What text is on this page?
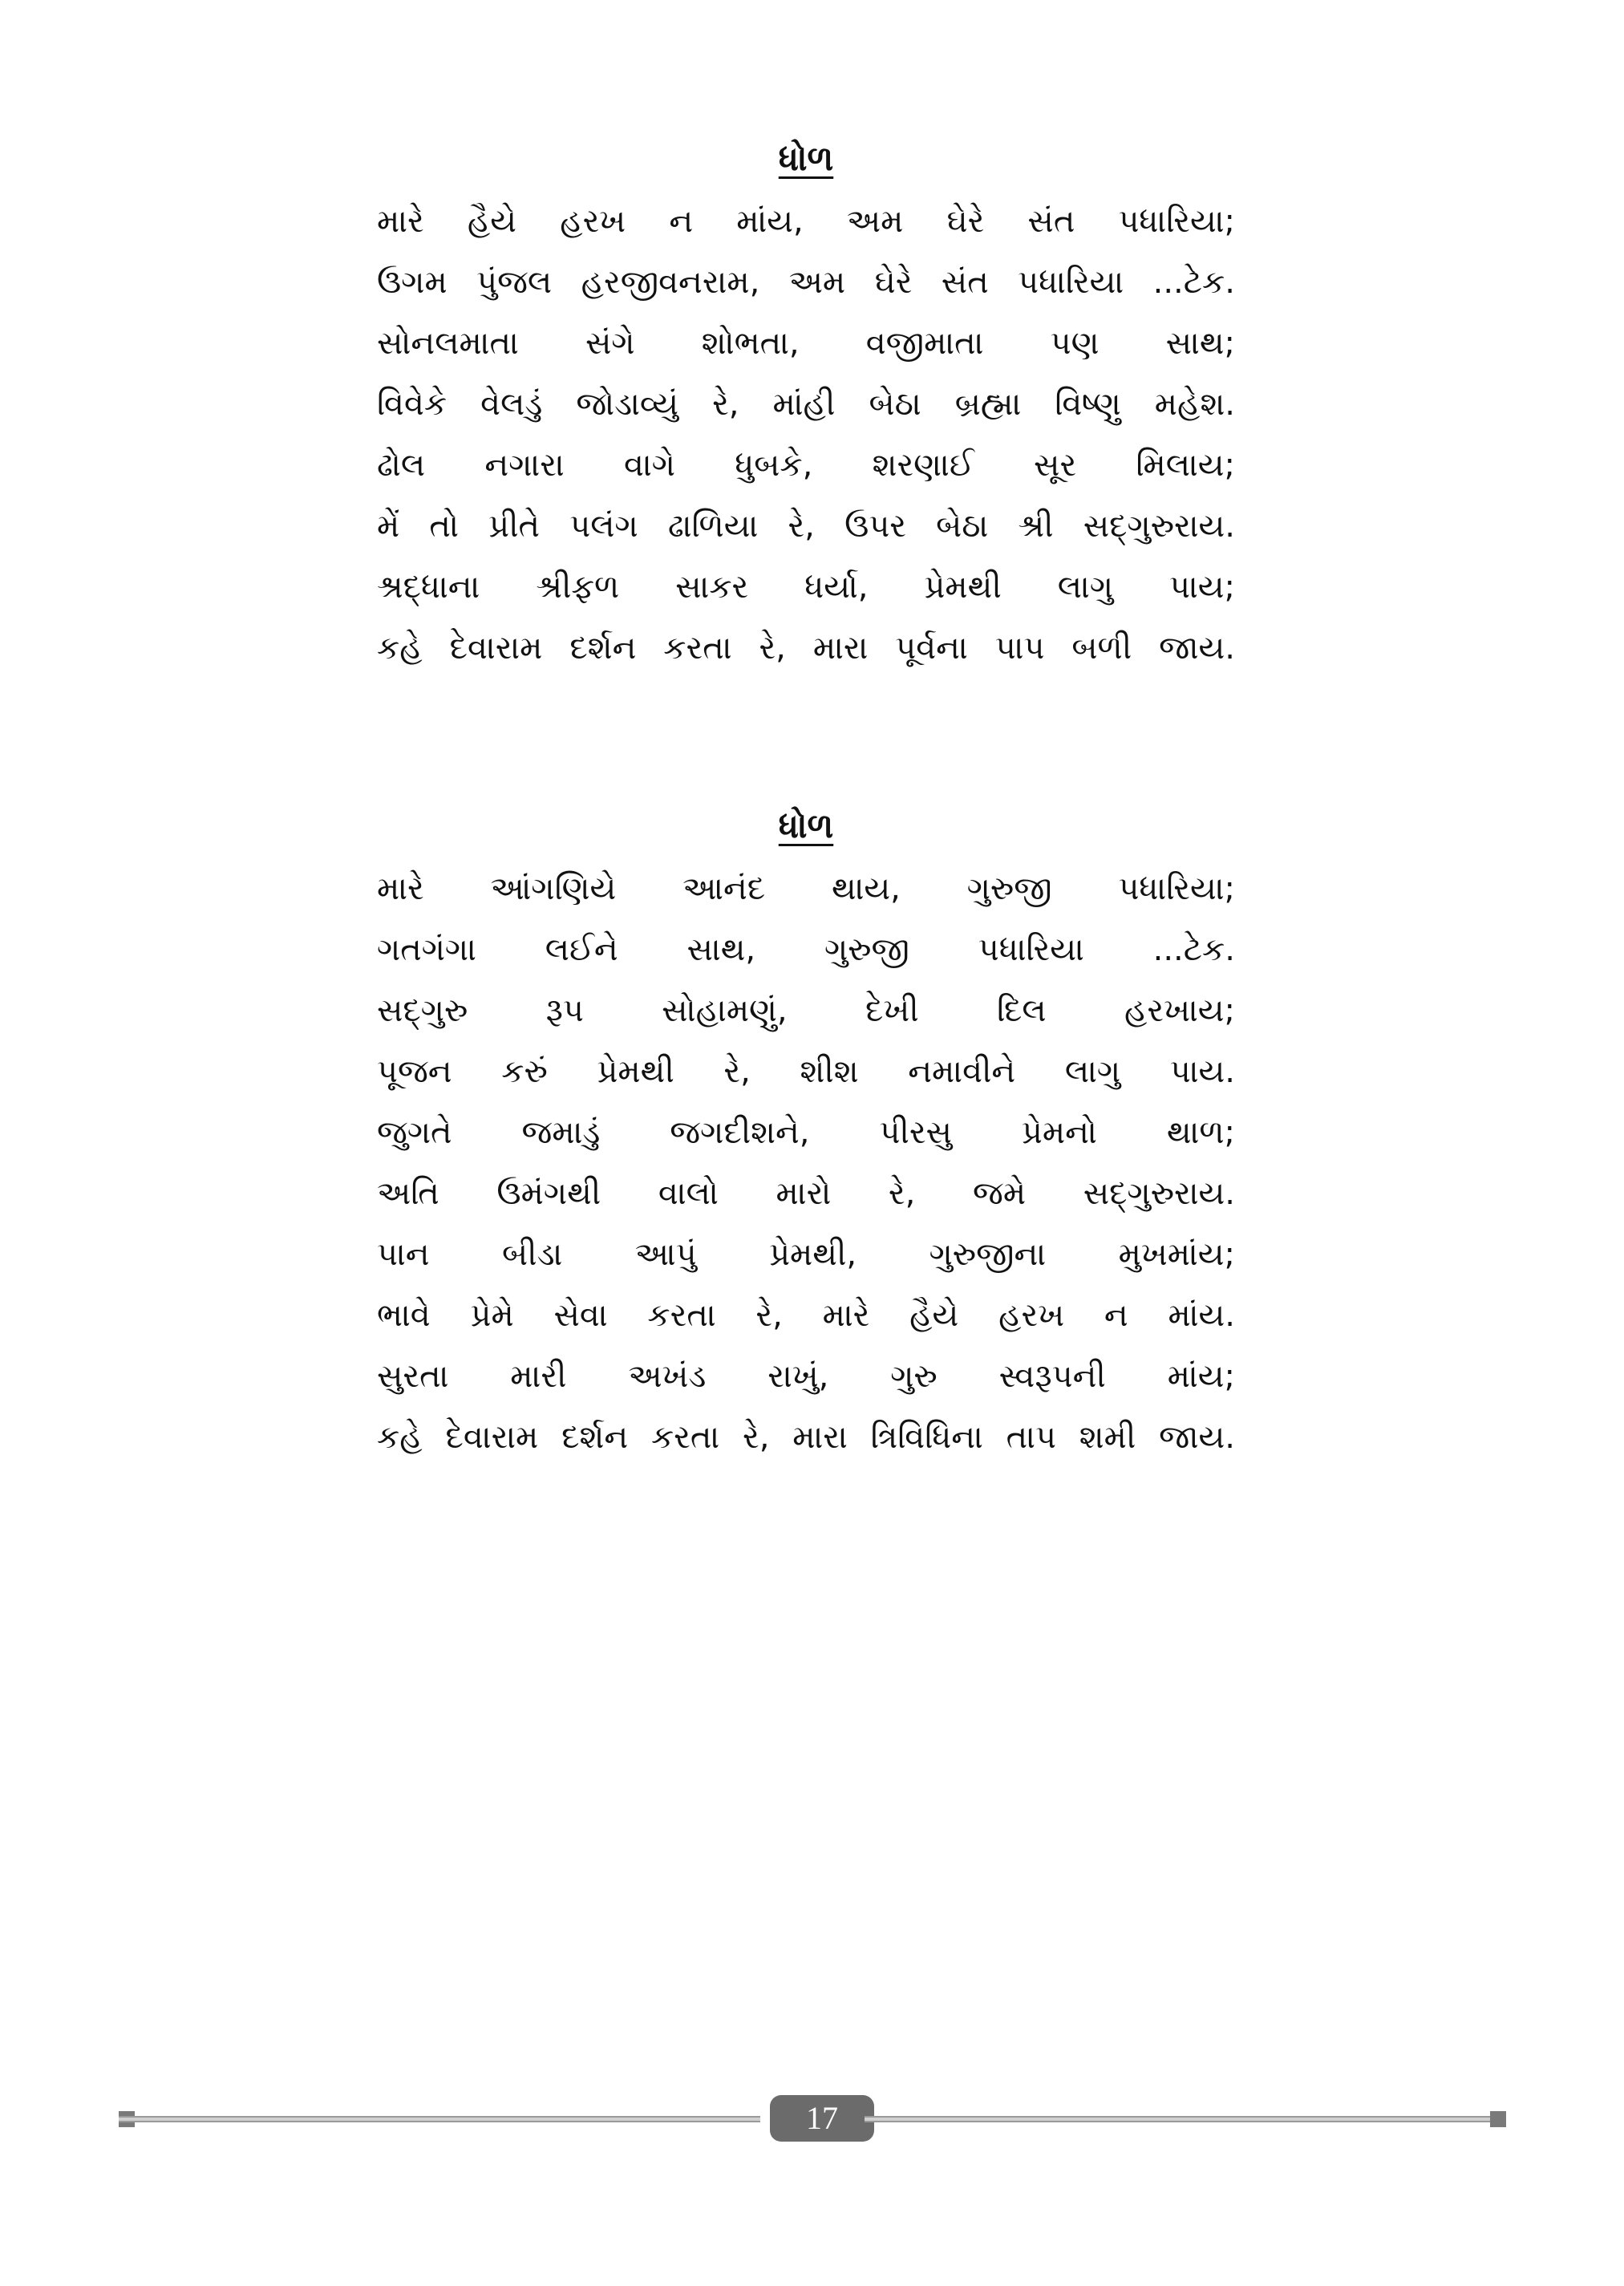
ધોળ
મારે હૈયે હરખ ન માંય, અમ ઘેરે સંત પધારિયા;
ઉગમ પુંજલ હરજીવનરામ, અમ ઘેરે સંત પધારિયા ...ટેક.
સોનલમાતા સંગે શોભતા, વજીમાતા પણ સાથ;
વિવેકે વેલડું જોડાવ્યું રે, માંહી બેઠા બ્રહ્મા વિષ્ણુ મહેશ.
ઢોલ નગારા વાગે ધુબકે, શરણાઈ સૂર મિલાય;
મેં તો પ્રીતે પલંગ ઢાળિયા રે, ઉપર બેઠા શ્રી સદ્‌ગુરુરાય.
શ્રદ્ધાના શ્રીફળ સાકર ધર્યા, પ્રેમથી લાગુ પાય;
કહે દેવારામ દર્શન કરતા રે, મારા પૂર્વના પાપ બળી જાય.
ધોળ
મારે આંગણિયે આનંદ થાય, ગુરુજી પધારિયા;
ગતગંગા લઈને સાથ, ગુરુજી પધારિયા ...ટેક.
સદ્‌ગુરુ રૂપ સોહામણું, દેખી દિલ હરખાય;
પૂજન કરું પ્રેમથી રે, શીશ નમાવીને લાગુ પાય.
જુગતે જમાડું જગદીશને, પીરસુ પ્રેમનો થાળ;
અતિ ઉમંગથી વાલો મારો રે, જમે સદ્‌ગુરુરાય.
પાન બીડા આપું પ્રેમથી, ગુરુજીના મુખમાંય;
ભાવે પ્રેમે સેવા કરતા રે, મારે હૈયે હરખ ન માંય.
સુરતા મારી અખંડ રાખું, ગુરુ સ્વરૂપની માંય;
કહે દેવારામ દર્શન કરતા રે, મારા ત્રિવિધિના તાપ શમી જાય.
17
